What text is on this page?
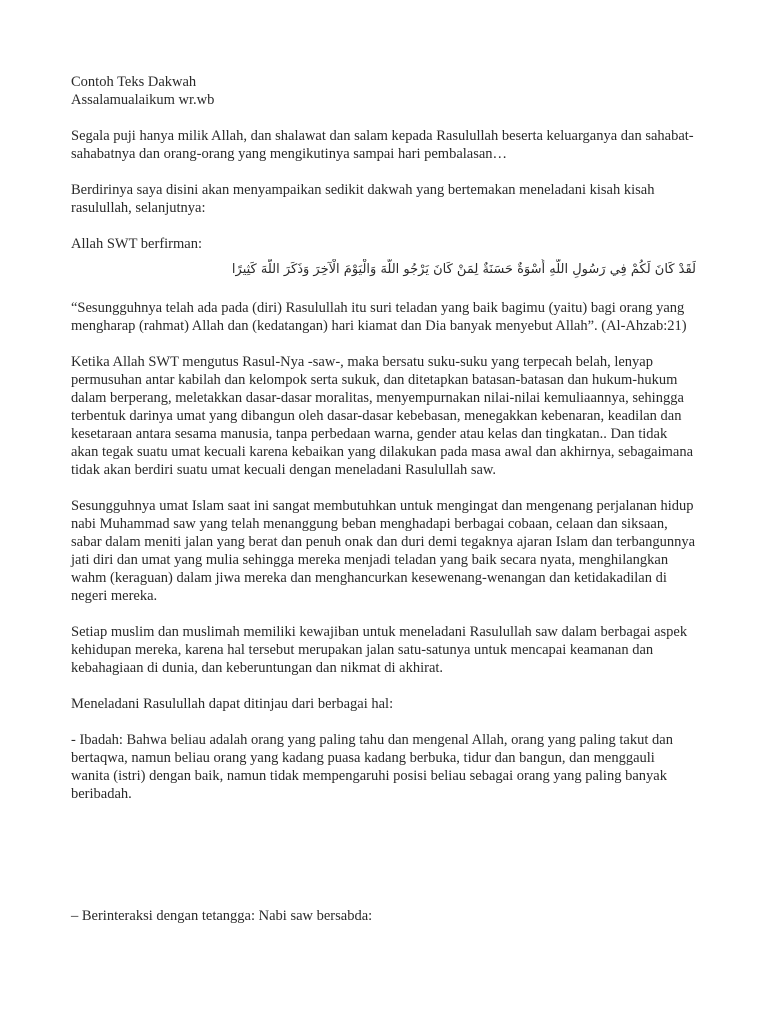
Contoh Teks Dakwah
Assalamualaikum wr.wb

Segala puji hanya milik Allah, dan shalawat dan salam kepada Rasulullah beserta keluarganya dan sahabat-sahabatnya dan orang-orang yang mengikutinya sampai hari pembalasan…

Berdirinya saya disini akan menyampaikan sedikit dakwah yang bertemakan meneladani kisah kisah rasulullah, selanjutnya:

Allah SWT berfirman:

لَقَدْ كَانَ لَكُمْ فِي رَسُولِ اللَّهِ أُسْوَةٌ حَسَنَةٌ لِمَنْ كَانَ يَرْجُو اللَّهَ وَالْيَوْمَ الْآخِرَ وَذَكَرَ اللَّهَ كَثِيرًا

“Sesungguhnya telah ada pada (diri) Rasulullah itu suri teladan yang baik bagimu (yaitu) bagi orang yang mengharap (rahmat) Allah dan (kedatangan) hari kiamat dan Dia banyak menyebut Allah”. (Al-Ahzab:21)

Ketika Allah SWT mengutus Rasul-Nya -saw-, maka bersatu suku-suku yang terpecah belah, lenyap permusuhan antar kabilah dan kelompok serta sukuk, dan ditetapkan batasan-batasan dan hukum-hukum dalam berperang, meletakkan dasar-dasar moralitas, menyempurnakan nilai-nilai kemuliaannya, sehingga terbentuk darinya umat yang dibangun oleh dasar-dasar kebebasan, menegakkan kebenaran, keadilan dan kesetaraan antara sesama manusia, tanpa perbedaan warna, gender atau kelas dan tingkatan.. Dan tidak akan tegak suatu umat kecuali karena kebaikan yang dilakukan pada masa awal dan akhirnya, sebagaimana tidak akan berdiri suatu umat kecuali dengan meneladani Rasulullah saw.

Sesungguhnya umat Islam saat ini sangat membutuhkan untuk mengingat dan mengenang perjalanan hidup nabi Muhammad saw yang telah menanggung beban menghadapi berbagai cobaan, celaan dan siksaan, sabar dalam meniti jalan yang berat dan penuh onak dan duri demi tegaknya ajaran Islam dan terbangunnya jati diri dan umat yang mulia sehingga mereka menjadi teladan yang baik secara nyata, menghilangkan wahm (keraguan) dalam jiwa mereka dan menghancurkan kesewenang-wenangan dan ketidakadilan di negeri mereka.

Setiap muslim dan muslimah memiliki kewajiban untuk meneladani Rasulullah saw dalam berbagai aspek kehidupan mereka, karena hal tersebut merupakan jalan satu-satunya untuk mencapai keamanan dan kebahagiaan di dunia, dan keberuntungan dan nikmat di akhirat.

Meneladani Rasulullah dapat ditinjau dari berbagai hal:

- Ibadah: Bahwa beliau adalah orang yang paling tahu dan mengenal Allah, orang yang paling takut dan bertaqwa, namun beliau orang yang kadang puasa kadang berbuka, tidur dan bangun, dan menggauli wanita (istri) dengan baik, namun tidak mempengaruhi posisi beliau sebagai orang yang paling banyak beribadah.

– Berinteraksi dengan tetangga: Nabi saw bersabda:
